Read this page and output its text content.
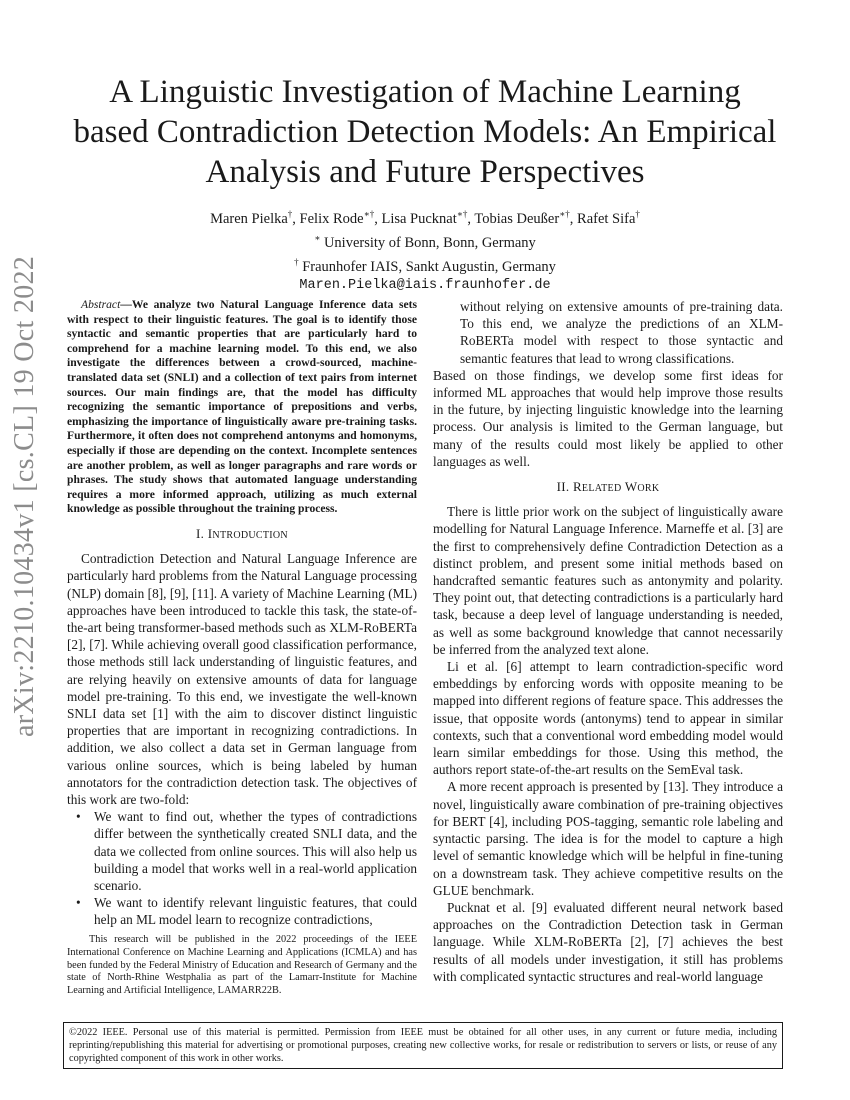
arXiv:2210.10434v1 [cs.CL] 19 Oct 2022
A Linguistic Investigation of Machine Learning based Contradiction Detection Models: An Empirical Analysis and Future Perspectives
Maren Pielka†, Felix Rode∗†, Lisa Pucknat∗†, Tobias Deußer∗†, Rafet Sifa†
∗ University of Bonn, Bonn, Germany
† Fraunhofer IAIS, Sankt Augustin, Germany
Maren.Pielka@iais.fraunhofer.de

Abstract—We analyze two Natural Language Inference data sets with respect to their linguistic features. The goal is to identify those syntactic and semantic properties that are particularly hard to comprehend for a machine learning model. To this end, we also investigate the differences between a crowd-sourced, machine-translated data set (SNLI) and a collection of text pairs from internet sources. Our main findings are, that the model has difficulty recognizing the semantic importance of prepositions and verbs, emphasizing the importance of linguistically aware pre-training tasks. Furthermore, it often does not comprehend antonyms and homonyms, especially if those are depending on the context. Incomplete sentences are another problem, as well as longer paragraphs and rare words or phrases. The study shows that automated language understanding requires a more informed approach, utilizing as much external knowledge as possible throughout the training process.

I. INTRODUCTION

Contradiction Detection and Natural Language Inference are particularly hard problems from the Natural Language processing (NLP) domain [8], [9], [11]. A variety of Machine Learning (ML) approaches have been introduced to tackle this task, the state-of-the-art being transformer-based methods such as XLM-RoBERTa [2], [7]. While achieving overall good classification performance, those methods still lack understanding of linguistic features, and are relying heavily on extensive amounts of data for language model pre-training. To this end, we investigate the well-known SNLI data set [1] with the aim to discover distinct linguistic properties that are important in recognizing contradictions. In addition, we also collect a data set in German language from various online sources, which is being labeled by human annotators for the contradiction detection task. The objectives of this work are two-fold:

• We want to find out, whether the types of contradictions differ between the synthetically created SNLI data, and the data we collected from online sources. This will also help us building a model that works well in a real-world application scenario.
• We want to identify relevant linguistic features, that could help an ML model learn to recognize contradictions,

This research will be published in the 2022 proceedings of the IEEE International Conference on Machine Learning and Applications (ICMLA) and has been funded by the Federal Ministry of Education and Research of Germany and the state of North-Rhine Westphalia as part of the Lamarr-Institute for Machine Learning and Artificial Intelligence, LAMARR22B.

without relying on extensive amounts of pre-training data. To this end, we analyze the predictions of an XLM-RoBERTa model with respect to those syntactic and semantic features that lead to wrong classifications.

Based on those findings, we develop some first ideas for informed ML approaches that would help improve those results in the future, by injecting linguistic knowledge into the learning process. Our analysis is limited to the German language, but many of the results could most likely be applied to other languages as well.

II. RELATED WORK

There is little prior work on the subject of linguistically aware modelling for Natural Language Inference. Marneffe et al. [3] are the first to comprehensively define Contradiction Detection as a distinct problem, and present some initial methods based on handcrafted semantic features such as antonymity and polarity. They point out, that detecting contradictions is a particularly hard task, because a deep level of language understanding is needed, as well as some background knowledge that cannot necessarily be inferred from the analyzed text alone.

Li et al. [6] attempt to learn contradiction-specific word embeddings by enforcing words with opposite meaning to be mapped into different regions of feature space. This addresses the issue, that opposite words (antonyms) tend to appear in similar contexts, such that a conventional word embedding model would learn similar embeddings for those. Using this method, the authors report state-of-the-art results on the SemEval task.

A more recent approach is presented by [13]. They introduce a novel, linguistically aware combination of pre-training objectives for BERT [4], including POS-tagging, semantic role labeling and syntactic parsing. The idea is for the model to capture a high level of semantic knowledge which will be helpful in fine-tuning on a downstream task. They achieve competitive results on the GLUE benchmark.

Pucknat et al. [9] evaluated different neural network based approaches on the Contradiction Detection task in German language. While XLM-RoBERTa [2], [7] achieves the best results of all models under investigation, it still has problems with complicated syntactic structures and real-world language

©2022 IEEE. Personal use of this material is permitted. Permission from IEEE must be obtained for all other uses, in any current or future media, including reprinting/republishing this material for advertising or promotional purposes, creating new collective works, for resale or redistribution to servers or lists, or reuse of any copyrighted component of this work in other works.
